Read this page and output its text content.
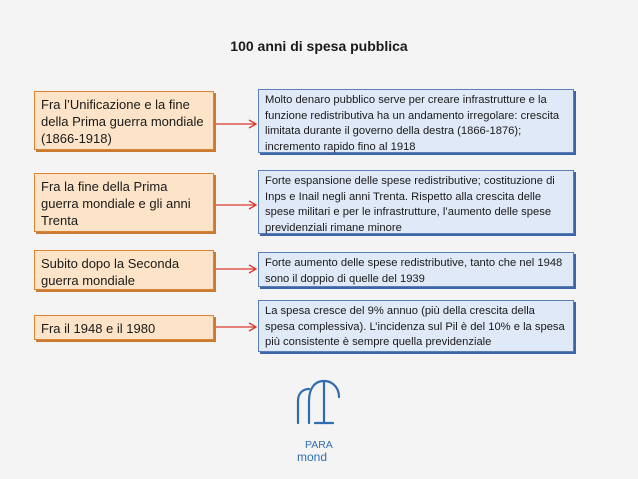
100 anni di spesa pubblica
Fra l’Unificazione e la fine della Prima guerra mondiale (1866-1918)
Molto denaro pubblico serve per creare infrastrutture e la funzione redistributiva ha un andamento irregolare: crescita limitata durante il governo della destra (1866-1876); incremento rapido fino al 1918
Fra la fine della Prima guerra mondiale e gli anni Trenta
Forte espansione delle spese redistributive; costituzione di Inps e Inail negli anni Trenta. Rispetto alla crescita delle spese militari e per le infrastrutture, l’aumento delle spese previdenziali rimane minore
Subito dopo la Seconda guerra mondiale
Forte aumento delle spese redistributive, tanto che nel 1948 sono il doppio di quelle del 1939
Fra il 1948 e il 1980
La spesa cresce del 9% annuo (più della crescita della spesa complessiva). L’incidenza sul Pil è del 10% e la spesa più consistente è sempre quella previdenziale
PARA
mond
